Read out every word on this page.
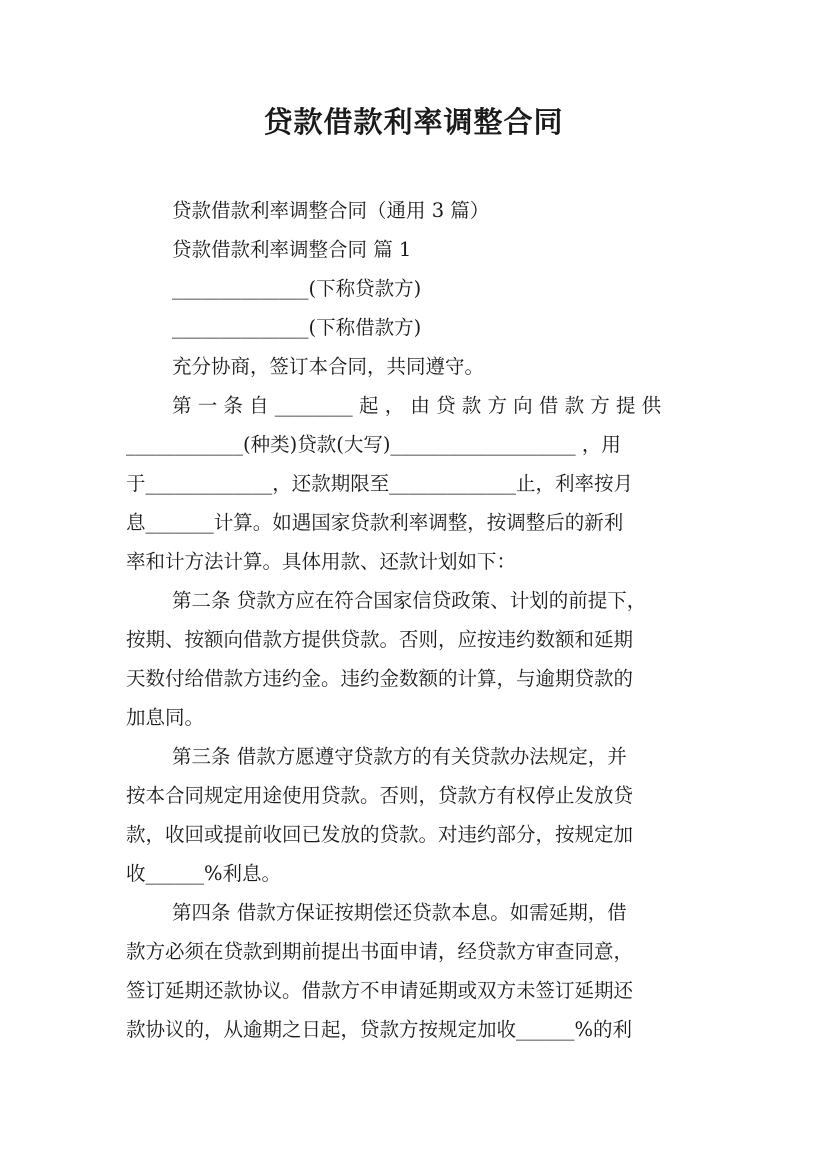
贷款借款利率调整合同
贷款借款利率调整合同（通用 3 篇）
贷款借款利率调整合同 篇 1
______________(下称贷款方)
______________(下称借款方)
充分协商，签订本合同，共同遵守。
第 一 条 自 ________ 起 ， 由 贷 款 方 向 借 款 方 提 供
____________(种类)贷款(大写)___________________ ，用
于_____________，还款期限至_____________止，利率按月
息_______计算。如遇国家贷款利率调整，按调整后的新利
率和计方法计算。具体用款、还款计划如下：
第二条 贷款方应在符合国家信贷政策、计划的前提下，
按期、按额向借款方提供贷款。否则，应按违约数额和延期
天数付给借款方违约金。违约金数额的计算，与逾期贷款的
加息同。
第三条 借款方愿遵守贷款方的有关贷款办法规定，并
按本合同规定用途使用贷款。否则，贷款方有权停止发放贷
款，收回或提前收回已发放的贷款。对违约部分，按规定加
收______%利息。
第四条 借款方保证按期偿还贷款本息。如需延期，借
款方必须在贷款到期前提出书面申请，经贷款方审查同意，
签订延期还款协议。借款方不申请延期或双方未签订延期还
款协议的，从逾期之日起，贷款方按规定加收______%的利
